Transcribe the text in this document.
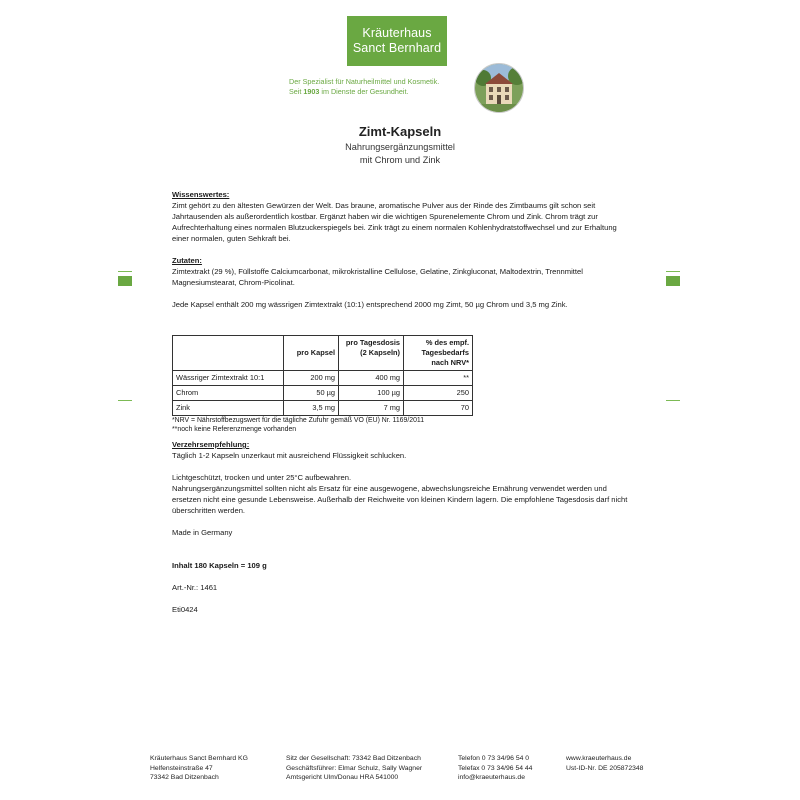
Kräuterhaus
Sanct Bernhard
Der Spezialist für Naturheilmittel und Kosmetik.
Seit 1903 im Dienste der Gesundheit.
Zimt-Kapseln
Nahrungsergänzungsmittel
mit Chrom und Zink

Wissenswertes:

Zimt gehört zu den ältesten Gewürzen der Welt. Das braune, aromatische Pulver aus der Rinde des Zimtbaums gilt schon seit Jahrtausenden als außerordentlich kostbar. Ergänzt haben wir die wichtigen Spurenelemente Chrom und Zink. Chrom trägt zur Aufrechterhaltung eines normalen Blutzuckerspiegels bei. Zink trägt zu einem normalen Kohlenhydratstoffwechsel und zur Erhaltung einer normalen, guten Sehkraft bei.

Zutaten:

Zimtextrakt (29 %), Füllstoffe Calciumcarbonat, mikrokristalline Cellulose, Gelatine, Zinkgluconat, Maltodextrin, Trennmittel Magnesiumstearat, Chrom-Picolinat.

Jede Kapsel enthält 200 mg wässrigen Zimtextrakt (10:1) entsprechend 2000 mg Zimt, 50 µg Chrom und 3,5 mg Zink.

	pro Kapsel	pro Tagesdosis (2 Kapseln)	% des empf. Tagesbedarfs nach NRV*
Wässriger Zimtextrakt 10:1	200 mg	400 mg	**
Chrom	50 µg	100 µg	250
Zink	3,5 mg	7 mg	70

*NRV = Nährstoffbezugswert für die tägliche Zufuhr gemäß VO (EU) Nr. 1169/2011

**noch keine Referenzmenge vorhanden

Verzehrsempfehlung:

Täglich 1-2 Kapseln unzerkaut mit ausreichend Flüssigkeit schlucken.

Lichtgeschützt, trocken und unter 25°C aufbewahren.

Nahrungsergänzungsmittel sollten nicht als Ersatz für eine ausgewogene, abwechslungsreiche Ernährung verwendet werden und ersetzen nicht eine gesunde Lebensweise. Außerhalb der Reichweite von kleinen Kindern lagern. Die empfohlene Tagesdosis darf nicht überschritten werden.

Made in Germany

Inhalt 180 Kapseln = 109 g

Art.-Nr.: 1461

Eti0424

Kräuterhaus Sanct Bernhard KG
Helfensteinstraße 47
73342 Bad Ditzenbach
Sitz der Gesellschaft: 73342 Bad Ditzenbach
Geschäftsführer: Elmar Schulz, Sally Wagner
Amtsgericht Ulm/Donau HRA 541000
Telefon 0 73 34/96 54 0
Telefax 0 73 34/96 54 44
info@kraeuterhaus.de
www.kraeuterhaus.de
Ust-ID-Nr. DE 205872348
